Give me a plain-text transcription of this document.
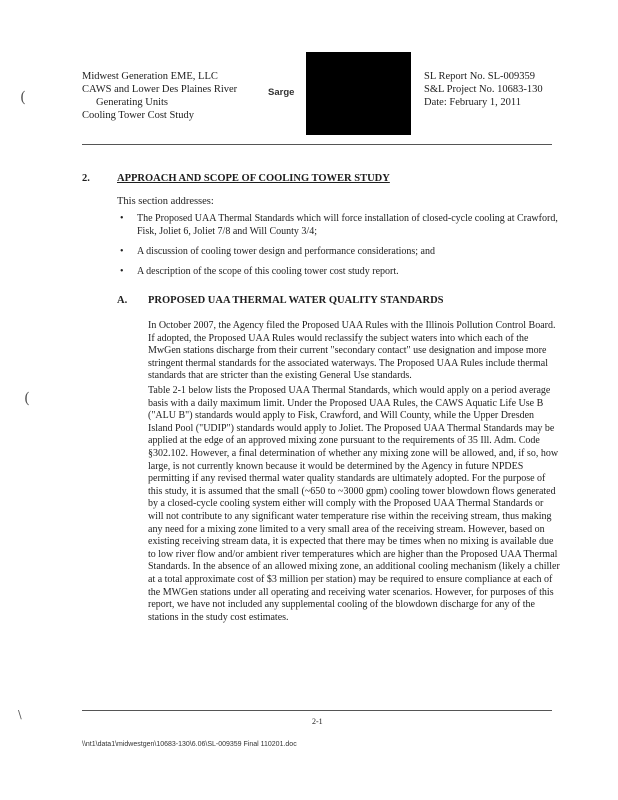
Midwest Generation EME, LLC
CAWS and Lower Des Plaines River
Generating Units
Cooling Tower Cost Study
Sarge
SL Report No. SL-009359
S&L Project No. 10683-130
Date: February 1, 2011
(
(
\
2.	APPROACH AND SCOPE OF COOLING TOWER STUDY
This section addresses:
• The Proposed UAA Thermal Standards which will force installation of closed-cycle cooling at Crawford, Fisk, Joliet 6, Joliet 7/8 and Will County 3/4;
• A discussion of cooling tower design and performance considerations; and
• A description of the scope of this cooling tower cost study report.
A. PROPOSED UAA THERMAL WATER QUALITY STANDARDS

In October 2007, the Agency filed the Proposed UAA Rules with the Illinois Pollution Control Board. If adopted, the Proposed UAA Rules would reclassify the subject waters into which each of the MwGen stations discharge from their current "secondary contact" use designation and impose more stringent thermal standards for the associated waterways. The Proposed UAA Rules include thermal standards that are stricter than the existing General Use standards.

Table 2-1 below lists the Proposed UAA Thermal Standards, which would apply on a period average basis with a daily maximum limit. Under the Proposed UAA Rules, the CAWS Aquatic Life Use B ("ALU B") standards would apply to Fisk, Crawford, and Will County, while the Upper Dresden Island Pool ("UDIP") standards would apply to Joliet. The Proposed UAA Thermal Standards may be applied at the edge of an approved mixing zone pursuant to the requirements of 35 Ill. Adm. Code §302.102. However, a final determination of whether any mixing zone will be allowed, and, if so, how large, is not currently known because it would be determined by the Agency in future NPDES permitting if any revised thermal water quality standards are ultimately adopted. For the purpose of this study, it is assumed that the small (~650 to ~3000 gpm) cooling tower blowdown flows generated by a closed-cycle cooling system either will comply with the Proposed UAA Thermal Standards or will not contribute to any significant water temperature rise within the receiving stream, thus making any need for a mixing zone limited to a very small area of the receiving stream. However, based on existing receiving stream data, it is expected that there may be times when no mixing is available due to low river flow and/or ambient river temperatures which are higher than the Proposed UAA Thermal Standards. In the absence of an allowed mixing zone, an additional cooling mechanism (likely a chiller at a total approximate cost of $3 million per station) may be required to ensure compliance at each of the MWGen stations under all operating and receiving water scenarios. However, for purposes of this report, we have not included any supplemental cooling of the blowdown discharge for any of the stations in the study cost estimates.

2-1
\\nt1\data1\midwestgen\10683-130\6.06\SL-009359 Final 110201.doc
